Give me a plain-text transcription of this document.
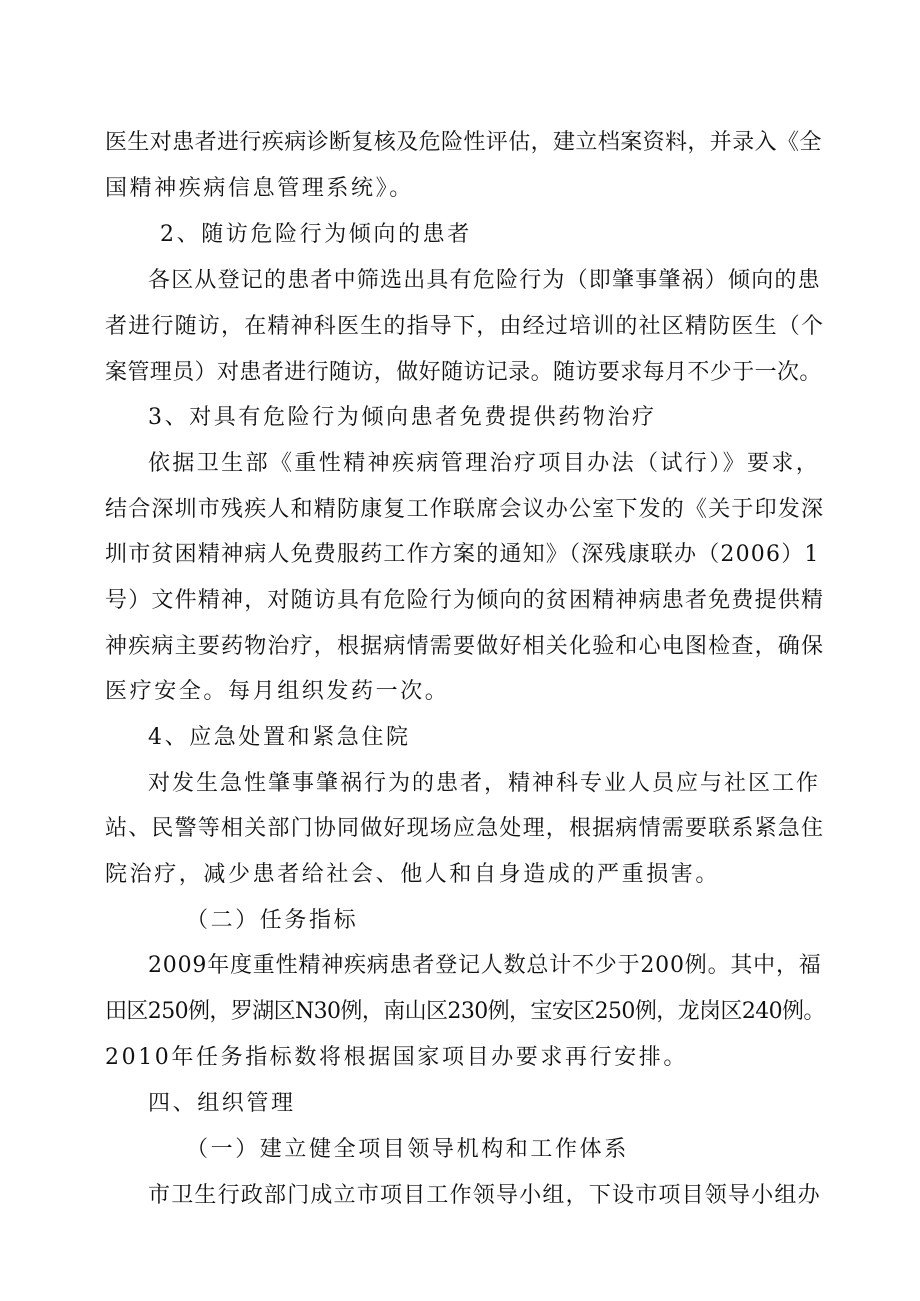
医生对患者进行疾病诊断复核及危险性评估，建立档案资料，并录入《全
国精神疾病信息管理系统》。
2、随访危险行为倾向的患者
各区从登记的患者中筛选出具有危险行为（即肇事肇祸）倾向的患
者进行随访，在精神科医生的指导下，由经过培训的社区精防医生（个
案管理员）对患者进行随访，做好随访记录。随访要求每月不少于一次。
3、对具有危险行为倾向患者免费提供药物治疗
依据卫生部《重性精神疾病管理治疗项目办法（试行）》要求，
结合深圳市残疾人和精防康复工作联席会议办公室下发的《关于印发深
圳市贫困精神病人免费服药工作方案的通知》（深残康联办（2006）1
号）文件精神，对随访具有危险行为倾向的贫困精神病患者免费提供精
神疾病主要药物治疗，根据病情需要做好相关化验和心电图检查，确保
医疗安全。每月组织发药一次。
4、应急处置和紧急住院
对发生急性肇事肇祸行为的患者，精神科专业人员应与社区工作
站、民警等相关部门协同做好现场应急处理，根据病情需要联系紧急住
院治疗，减少患者给社会、他人和自身造成的严重损害。
（二）任务指标
2009年度重性精神疾病患者登记人数总计不少于200例。其中，福
田区250例，罗湖区N30例，南山区230例，宝安区250例，龙岗区240例。
2010年任务指标数将根据国家项目办要求再行安排。
四、组织管理
（一）建立健全项目领导机构和工作体系
市卫生行政部门成立市项目工作领导小组，下设市项目领导小组办
